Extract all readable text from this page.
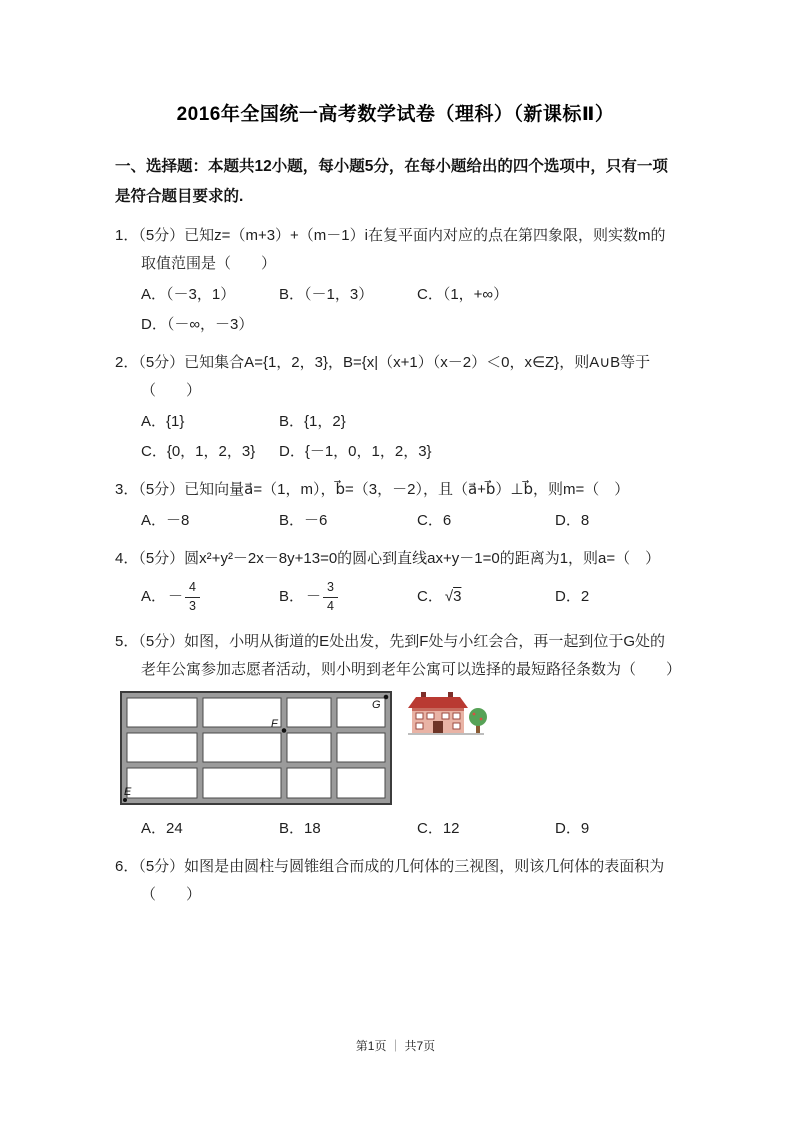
2016年全国统一高考数学试卷（理科）（新课标Ⅱ）

一、选择题：本题共12小题，每小题5分，在每小题给出的四个选项中，只有一项是符合题目要求的.

1．（5分）已知z=（m+3）+（m－1）i在复平面内对应的点在第四象限，则实数m的取值范围是（　　）

A．（－3，1）	B．（－1，3）	C．（1，+∞）
D．（－∞，－3）

2．（5分）已知集合A={1，2，3}，B={x|（x+1）（x－2）＜0，x∈Z}，则A∪B等于（　　）

A．{1}	B．{1，2}
C．{0，1，2，3}	D．{－1，0，1，2，3}

3．（5分）已知向量a⃗=（1，m），b⃗=（3，－2），且（a⃗+b⃗）⊥b⃗，则m=（　）

A．－8	B．－6	C．6	D．8

4．（5分）圆x²+y²－2x－8y+13=0的圆心到直线ax+y－1=0的距离为1，则a=（　）

A． － $\frac{4}{3}$	B． － $\frac{3}{4}$	C． √ 3	D． 2

5．（5分）如图，小明从街道的E处出发，先到F处与小红会合，再一起到位于G处的老年公寓参加志愿者活动，则小明到老年公寓可以选择的最短路径条数为（　　）

F
G
E
A．24	B．18	C．12	D．9

6．（5分）如图是由圆柱与圆锥组合而成的几何体的三视图，则该几何体的表面积为（　　）

第1页 ｜ 共7页
